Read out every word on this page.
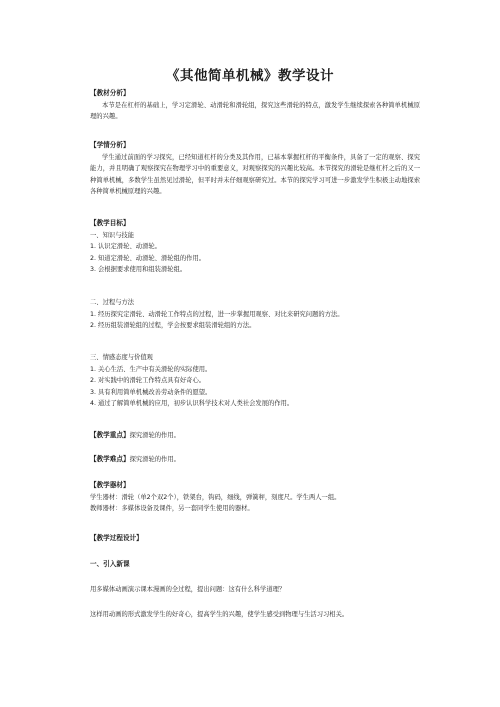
《其他简单机械》教学设计
【教材分析】
本节是在杠杆的基础上，学习定滑轮、动滑轮和滑轮组，探究这些滑轮的特点，激发学生继续探索各种简单机械原理的兴趣。
【学情分析】
学生通过前面的学习探究，已经知道杠杆的分类及其作用，已基本掌握杠杆的平衡条件，具备了一定的观察、探究能力，并且明确了观察探究在物理学习中的重要意义，对观察探究的兴趣比较高。本节探究的滑轮是继杠杆之后的又一种简单机械，多数学生虽然见过滑轮，但平时并未仔细观察研究过。本节的探究学习可进一步激发学生积极主动地探索各种简单机械原理的兴趣。
【教学目标】
一、知识与技能
1. 认识定滑轮、动滑轮。
2. 知道定滑轮、动滑轮、滑轮组的作用。
3. 会根据要求使用和组装滑轮组。
二、过程与方法
1. 经历探究定滑轮、动滑轮工作特点的过程，进一步掌握用观察、对比来研究问题的方法。
2. 经历组装滑轮组的过程，学会按要求组装滑轮组的方法。
三、情感态度与价值观
1. 关心生活、生产中有关滑轮的实际使用。
2. 对实践中的滑轮工作特点具有好奇心。
3. 具有利用简单机械改善劳动条件的愿望。
4. 通过了解简单机械的应用，初步认识科学技术对人类社会发展的作用。
【教学重点】探究滑轮的作用。
【教学难点】探究滑轮的作用。
【教学器材】
学生器材：滑轮（单2个双2个），铁架台，钩码，细线，弹簧秤，刻度尺。学生两人一组。
教师器材：多媒体设备及课件，另一套同学生使用的器材。
【教学过程设计】
一、引入新课
用多媒体动画演示课本漫画的全过程，提出问题：这有什么科学道理？
这样用动画的形式激发学生的好奇心，提高学生的兴趣，使学生感受到物理与生活习习相关。
